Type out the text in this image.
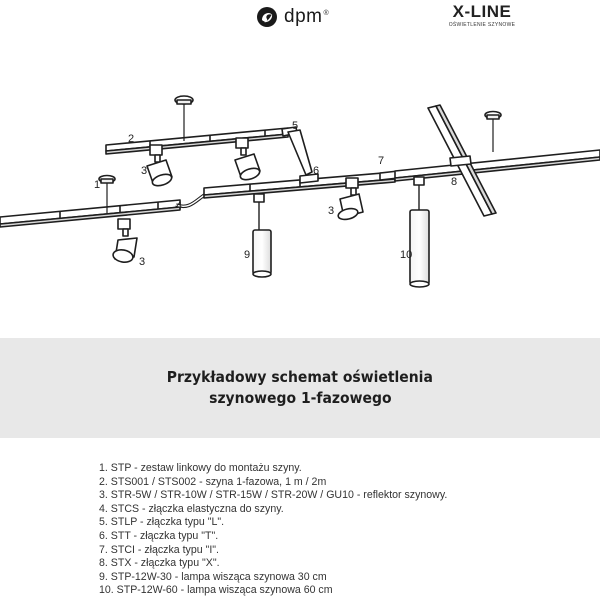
dpm®	X-LINE
OŚWIETLENIE SZYNOWE
1
2
3
3
3
4
5
6
7
8
9	10
Przykładowy schemat oświetlenia
szynowego 1-fazowego
1. STP - zestaw linkowy do montażu szyny.
2. STS001 / STS002 - szyna 1-fazowa, 1 m / 2m
3. STR-5W / STR-10W / STR-15W / STR-20W / GU10 - reflektor szynowy.
4. STCS - złączka elastyczna do szyny.
5. STLP - złączka typu "L".
6. STT - złączka typu "T".
7. STCI - złączka typu "I".
8. STX - złączka typu "X".
9. STP-12W-30 - lampa wisząca szynowa 30 cm
10. STP-12W-60 - lampa wisząca szynowa 60 cm
